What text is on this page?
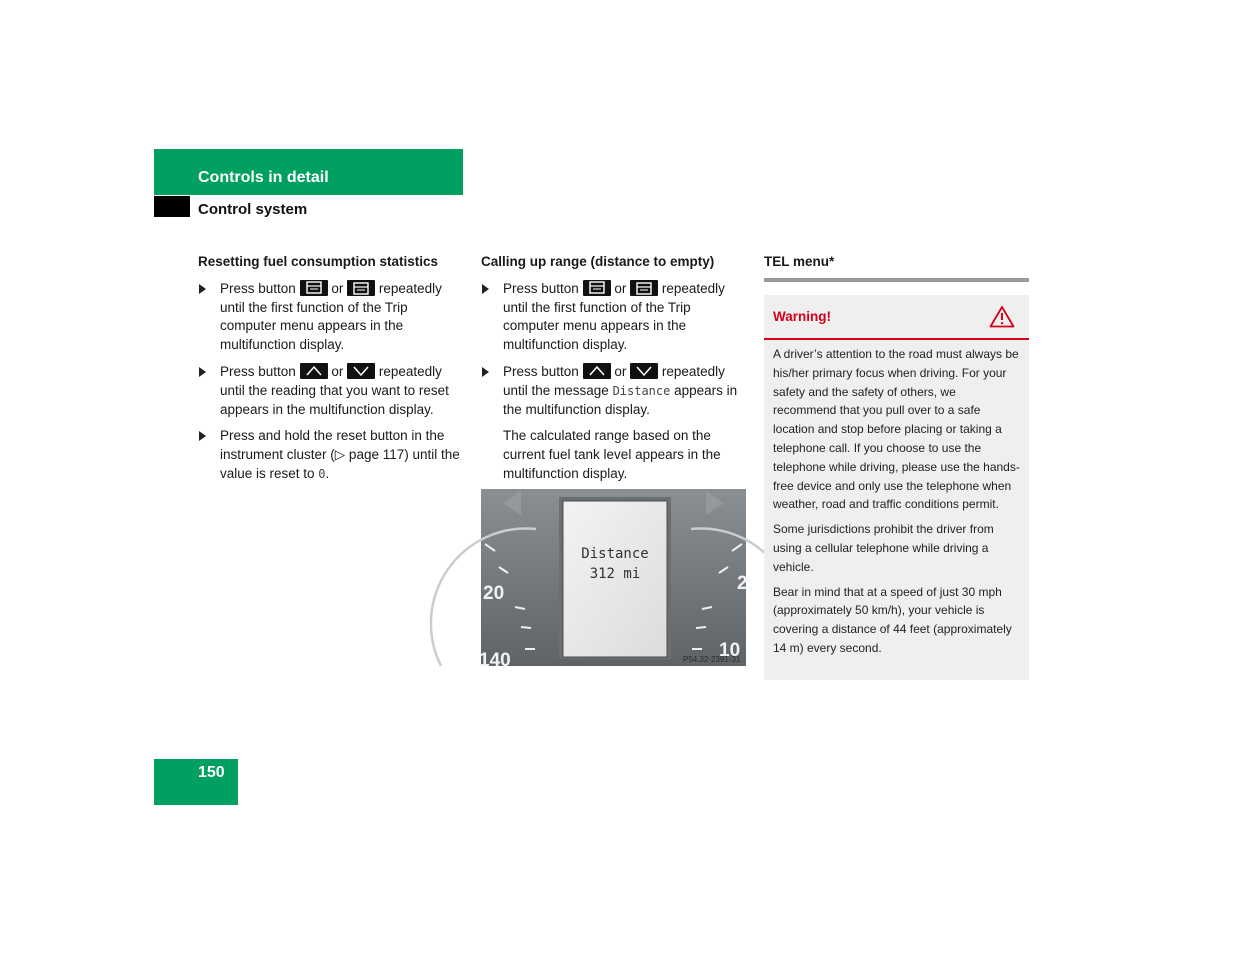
Controls in detail
Control system
Resetting fuel consumption statistics
Press button	or	repeatedly until the first function of the Trip computer menu appears in the multifunction display.
Press button	or	repeatedly until the reading that you want to reset appears in the multifunction display.
Press and hold the reset button in the instrument cluster (▷ page 117) until the value is reset to 0.
Calling up range (distance to empty)
Press button	or	repeatedly until the first function of the Trip computer menu appears in the multifunction display.
Press button	or	repeatedly until the message Distance appears in the multifunction display.
The calculated range based on the current fuel tank level appears in the multifunction display.
Distance
312 mi
20
140
2
10
P54.32-2391-31
TEL menu*
Warning!

A driver’s attention to the road must always be his/her primary focus when driving. For your safety and the safety of others, we recommend that you pull over to a safe location and stop before placing or taking a telephone call. If you choose to use the telephone while driving, please use the hands-free device and only use the telephone when weather, road and traffic conditions permit.

Some jurisdictions prohibit the driver from using a cellular telephone while driving a vehicle.

Bear in mind that at a speed of just 30 mph (approximately 50 km/h), your vehicle is covering a distance of 44 feet (approximately 14 m) every second.

150
